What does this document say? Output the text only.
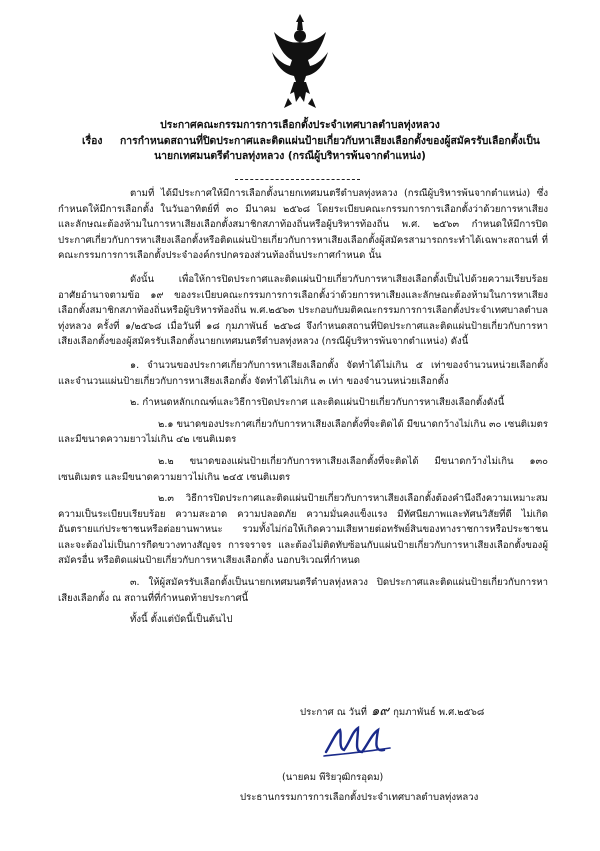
ประกาศคณะกรรมการการเลือกตั้งประจำเทศบาลตำบลทุ่งหลวง
เรื่อง	การกำหนดสถานที่ปิดประกาศและติดแผ่นป้ายเกี่ยวกับหาเสียงเลือกตั้งของผู้สมัครรับเลือกตั้งเป็น
นายกเทศมนตรีตำบลทุ่งหลวง (กรณีผู้บริหารพ้นจากตำแหน่ง)

ตามที่ ได้มีประกาศให้มีการเลือกตั้งนายกเทศมนตรีตำบลทุ่งหลวง (กรณีผู้บริหารพ้นจากตำแหน่ง) ซึ่งกำหนดให้มีการเลือกตั้ง ในวันอาทิตย์ที่ ๓๐ มีนาคม ๒๕๖๘ โดยระเบียบคณะกรรมการการเลือกตั้งว่าด้วยการหาเสียง และลักษณะต้องห้ามในการหาเสียงเลือกตั้งสมาชิกสภาท้องถิ่นหรือผู้บริหารท้องถิ่น พ.ศ. ๒๕๖๓ กำหนดให้มีการปิดประกาศเกี่ยวกับการหาเสียงเลือกตั้งหรือติดแผ่นป้ายเกี่ยวกับการหาเสียงเลือกตั้งผู้สมัครสามารถกระทำได้เฉพาะสถานที่ ที่คณะกรรมการการเลือกตั้งประจำองค์กรปกครองส่วนท้องถิ่นประกาศกำหนด นั้น

ดังนั้น เพื่อให้การปิดประกาศและติดแผ่นป้ายเกี่ยวกับการหาเสียงเลือกตั้งเป็นไปด้วยความเรียบร้อย อาศัยอำนาจตามข้อ ๑๙ ของระเบียบคณะกรรมการการเลือกตั้งว่าด้วยการหาเสียงและลักษณะต้องห้ามในการหาเสียงเลือกตั้งสมาชิกสภาท้องถิ่นหรือผู้บริหารท้องถิ่น พ.ศ.๒๕๖๓ ประกอบกับมติคณะกรรมการการเลือกตั้งประจำเทศบาลตำบลทุ่งหลวง ครั้งที่ ๑/๒๕๖๘ เมื่อวันที่ ๑๘ กุมภาพันธ์ ๒๕๖๘ จึงกำหนดสถานที่ปิดประกาศและติดแผ่นป้ายเกี่ยวกับการหาเสียงเลือกตั้งของผู้สมัครรับเลือกตั้งนายกเทศมนตรีตำบลทุ่งหลวง (กรณีผู้บริหารพ้นจากตำแหน่ง) ดังนี้

๑. จำนวนของประกาศเกี่ยวกับการหาเสียงเลือกตั้ง จัดทำได้ไม่เกิน ๕ เท่าของจำนวนหน่วยเลือกตั้ง และจำนวนแผ่นป้ายเกี่ยวกับการหาเสียงเลือกตั้ง จัดทำได้ไม่เกิน ๓ เท่า ของจำนวนหน่วยเลือกตั้ง

๒. กำหนดหลักเกณฑ์และวิธีการปิดประกาศ และติดแผ่นป้ายเกี่ยวกับการหาเสียงเลือกตั้งดังนี้

๒.๑ ขนาดของประกาศเกี่ยวกับการหาเสียงเลือกตั้งที่จะติดได้ มีขนาดกว้างไม่เกิน ๓๐ เซนติเมตร และมีขนาดความยาวไม่เกิน ๔๒ เซนติเมตร

๒.๒ ขนาดของแผ่นป้ายเกี่ยวกับการหาเสียงเลือกตั้งที่จะติดได้ มีขนาดกว้างไม่เกิน ๑๓๐ เซนติเมตร และมีขนาดความยาวไม่เกิน ๒๔๕ เซนติเมตร

๒.๓ วิธีการปิดประกาศและติดแผ่นป้ายเกี่ยวกับการหาเสียงเลือกตั้งต้องคำนึงถึงความเหมาะสม ความเป็นระเบียบเรียบร้อย ความสะอาด ความปลอดภัย ความมั่นคงแข็งแรง มีทัศนียภาพและทัศนวิสัยที่ดี ไม่เกิดอันตรายแก่ประชาชนหรือต่อยานพาหนะ รวมทั้งไม่ก่อให้เกิดความเสียหายต่อทรัพย์สินของทางราชการหรือประชาชน และจะต้องไม่เป็นการกีดขวางทางสัญจร การจราจร และต้องไม่ติดทับซ้อนกับแผ่นป้ายเกี่ยวกับการหาเสียงเลือกตั้งของผู้สมัครอื่น หรือติดแผ่นป้ายเกี่ยวกับการหาเสียงเลือกตั้ง นอกบริเวณที่กำหนด

๓. ให้ผู้สมัครรับเลือกตั้งเป็นนายกเทศมนตรีตำบลทุ่งหลวง ปิดประกาศและติดแผ่นป้ายเกี่ยวกับการหาเสียงเลือกตั้ง ณ สถานที่ที่กำหนดท้ายประกาศนี้

ทั้งนี้ ตั้งแต่บัดนี้เป็นต้นไป

ประกาศ ณ วันที่ ๑๙ กุมภาพันธ์ พ.ศ.๒๕๖๘
(นายคม พีริยวุฒิกรอุดม)
ประธานกรรมการการเลือกตั้งประจำเทศบาลตำบลทุ่งหลวง
